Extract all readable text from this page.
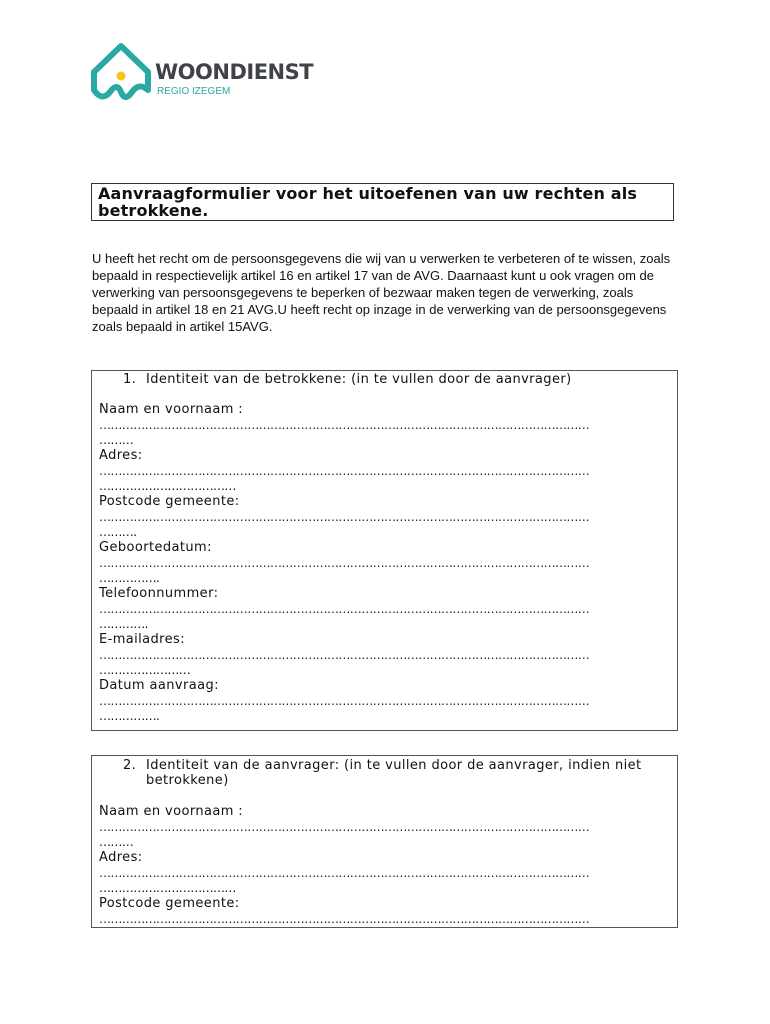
WOONDIENST
REGIO IZEGEM
Aanvraagformulier voor het uitoefenen van uw rechten als betrokkene.

U heeft het recht om de persoonsgegevens die wij van u verwerken te verbeteren of te wissen, zoals bepaald in respectievelijk artikel 16 en artikel 17 van de AVG. Daarnaast kunt u ook vragen om de verwerking van persoonsgegevens te beperken of bezwaar maken tegen de verwerking, zoals bepaald in artikel 18 en 21 AVG.U heeft recht op inzage in de verwerking van de persoonsgegevens zoals bepaald in artikel 15AVG.

1. Identiteit van de betrokkene: (in te vullen door de aanvrager)
Naam en voornaam :
…………………………………………………………………………………………………………………
………
Adres:
…………………………………………………………………………………………………………………
………………………………
Postcode gemeente:
…………………………………………………………………………………………………………………
……….
Geboortedatum:
…………………………………………………………………………………………………………………
…………….
Telefoonnummer:
…………………………………………………………………………………………………………………
………….
E-mailadres:
…………………………………………………………………………………………………………………
……………………
Datum aanvraag:
…………………………………………………………………………………………………………………
…………….
2. Identiteit van de aanvrager: (in te vullen door de aanvrager, indien niet betrokkene)
Naam en voornaam :
…………………………………………………………………………………………………………………
………
Adres:
…………………………………………………………………………………………………………………
………………………………
Postcode gemeente:
…………………………………………………………………………………………………………………
